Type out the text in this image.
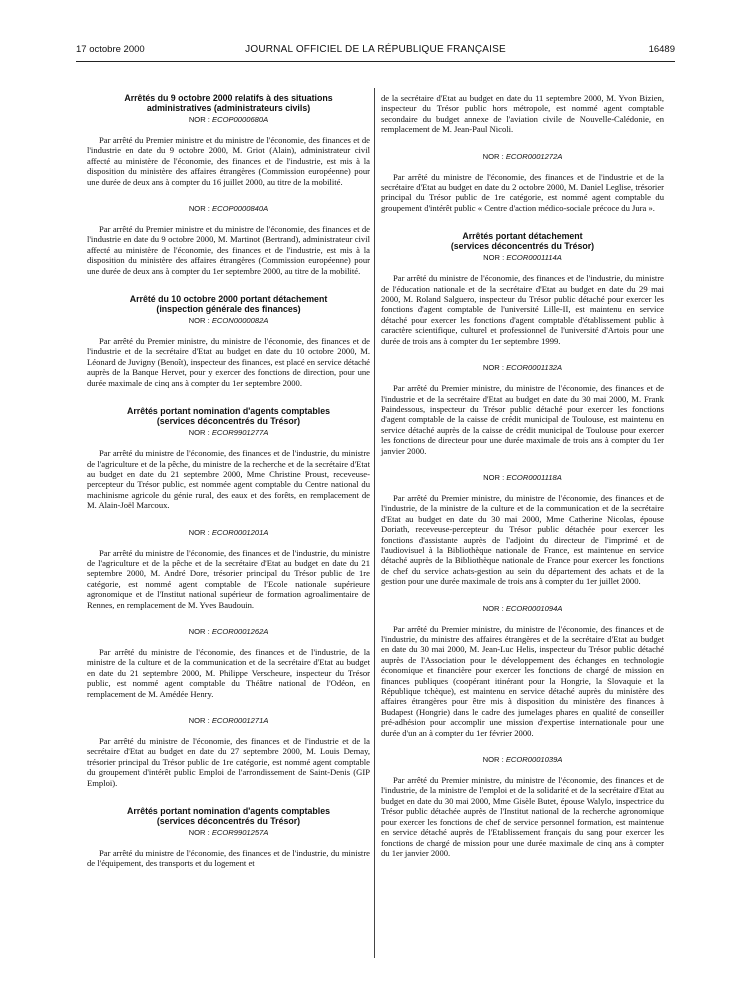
17 octobre 2000	JOURNAL OFFICIEL DE LA RÉPUBLIQUE FRANÇAISE	16489
Arrêtés du 9 octobre 2000 relatifs à des situations
administratives (administrateurs civils)
NOR : ECOP0000680A

Par arrêté du Premier ministre et du ministre de l'économie, des finances et de l'industrie en date du 9 octobre 2000, M. Griot (Alain), administrateur civil affecté au ministère de l'économie, des finances et de l'industrie, est mis à la disposition du ministère des affaires étrangères (Commission européenne) pour une durée de deux ans à compter du 16 juillet 2000, au titre de la mobilité.

NOR : ECOP0000840A

Par arrêté du Premier ministre et du ministre de l'économie, des finances et de l'industrie en date du 9 octobre 2000, M. Martinot (Bertrand), administrateur civil affecté au ministère de l'économie, des finances et de l'industrie, est mis à la disposition du ministère des affaires étrangères (Commission européenne) pour une durée de deux ans à compter du 1er septembre 2000, au titre de la mobilité.

Arrêté du 10 octobre 2000 portant détachement
(inspection générale des finances)
NOR : ECON0000082A

Par arrêté du Premier ministre, du ministre de l'économie, des finances et de l'industrie et de la secrétaire d'Etat au budget en date du 10 octobre 2000, M. Léonard de Juvigny (Benoît), inspecteur des finances, est placé en service détaché auprès de la Banque Hervet, pour y exercer des fonctions de direction, pour une durée maximale de cinq ans à compter du 1er septembre 2000.

Arrêtés portant nomination d'agents comptables
(services déconcentrés du Trésor)
NOR : ECOR9901277A

Par arrêté du ministre de l'économie, des finances et de l'industrie, du ministre de l'agriculture et de la pêche, du ministre de la recherche et de la secrétaire d'Etat au budget en date du 21 septembre 2000, Mme Christine Proust, receveuse-percepteur du Trésor public, est nommée agent comptable du Centre national du machinisme agricole du génie rural, des eaux et des forêts, en remplacement de M. Alain-Joël Marcoux.

NOR : ECOR0001201A

Par arrêté du ministre de l'économie, des finances et de l'industrie, du ministre de l'agriculture et de la pêche et de la secrétaire d'Etat au budget en date du 21 septembre 2000, M. André Dore, trésorier principal du Trésor public de 1re catégorie, est nommé agent comptable de l'Ecole nationale supérieure agronomique et de l'Institut national supérieur de formation agroalimentaire de Rennes, en remplacement de M. Yves Baudouin.

NOR : ECOR0001262A

Par arrêté du ministre de l'économie, des finances et de l'industrie, de la ministre de la culture et de la communication et de la secrétaire d'Etat au budget en date du 21 septembre 2000, M. Philippe Verscheure, inspecteur du Trésor public, est nommé agent comptable du Théâtre national de l'Odéon, en remplacement de M. Amédée Henry.

NOR : ECOR0001271A

Par arrêté du ministre de l'économie, des finances et de l'industrie et de la secrétaire d'Etat au budget en date du 27 septembre 2000, M. Louis Demay, trésorier principal du Trésor public de 1re catégorie, est nommé agent comptable du groupement d'intérêt public Emploi de l'arrondissement de Saint-Denis (GIP Emploi).

Arrêtés portant nomination d'agents comptables
(services déconcentrés du Trésor)
NOR : ECOR9901257A

Par arrêté du ministre de l'économie, des finances et de l'industrie, du ministre de l'équipement, des transports et du logement et

de la secrétaire d'Etat au budget en date du 11 septembre 2000, M. Yvon Bizien, inspecteur du Trésor public hors métropole, est nommé agent comptable secondaire du budget annexe de l'aviation civile de Nouvelle-Calédonie, en remplacement de M. Jean-Paul Nicoli.

NOR : ECOR0001272A

Par arrêté du ministre de l'économie, des finances et de l'industrie et de la secrétaire d'Etat au budget en date du 2 octobre 2000, M. Daniel Leglise, trésorier principal du Trésor public de 1re catégorie, est nommé agent comptable du groupement d'intérêt public « Centre d'action médico-sociale précoce du Jura ».

Arrêtés portant détachement
(services déconcentrés du Trésor)
NOR : ECOR0001114A

Par arrêté du ministre de l'économie, des finances et de l'industrie, du ministre de l'éducation nationale et de la secrétaire d'Etat au budget en date du 29 mai 2000, M. Roland Salguero, inspecteur du Trésor public détaché pour exercer les fonctions d'agent comptable de l'université Lille-II, est maintenu en service détaché pour exercer les fonctions d'agent comptable d'établissement public à caractère scientifique, culturel et professionnel de l'université d'Artois pour une durée de trois ans à compter du 1er septembre 1999.

NOR : ECOR0001132A

Par arrêté du Premier ministre, du ministre de l'économie, des finances et de l'industrie et de la secrétaire d'Etat au budget en date du 30 mai 2000, M. Frank Paindessous, inspecteur du Trésor public détaché pour exercer les fonctions d'agent comptable de la caisse de crédit municipal de Toulouse, est maintenu en service détaché auprès de la caisse de crédit municipal de Toulouse pour exercer les fonctions de directeur pour une durée maximale de trois ans à compter du 1er janvier 2000.

NOR : ECOR0001118A

Par arrêté du Premier ministre, du ministre de l'économie, des finances et de l'industrie, de la ministre de la culture et de la communication et de la secrétaire d'Etat au budget en date du 30 mai 2000, Mme Catherine Nicolas, épouse Doriath, receveuse-percepteur du Trésor public détachée pour exercer les fonctions d'assistante auprès de l'adjoint du directeur de l'imprimé et de l'audiovisuel à la Bibliothèque nationale de France, est maintenue en service détaché auprès de la Bibliothèque nationale de France pour exercer les fonctions de chef du service achats-gestion au sein du département des achats et de la gestion pour une durée maximale de trois ans à compter du 1er juillet 2000.

NOR : ECOR0001094A

Par arrêté du Premier ministre, du ministre de l'économie, des finances et de l'industrie, du ministre des affaires étrangères et de la secrétaire d'Etat au budget en date du 30 mai 2000, M. Jean-Luc Helis, inspecteur du Trésor public détaché auprès de l'Association pour le développement des échanges en technologie économique et financière pour exercer les fonctions de chargé de mission en finances publiques (coopérant itinérant pour la Hongrie, la Slovaquie et la République tchèque), est maintenu en service détaché auprès du ministère des affaires étrangères pour être mis à disposition du ministère des finances à Budapest (Hongrie) dans le cadre des jumelages phares en qualité de conseiller pré-adhésion pour accomplir une mission d'expertise internationale pour une durée d'un an à compter du 1er février 2000.

NOR : ECOR0001039A

Par arrêté du Premier ministre, du ministre de l'économie, des finances et de l'industrie, de la ministre de l'emploi et de la solidarité et de la secrétaire d'Etat au budget en date du 30 mai 2000, Mme Gisèle Butet, épouse Walylo, inspectrice du Trésor public détachée auprès de l'Institut national de la recherche agronomique pour exercer les fonctions de chef de service personnel formation, est maintenue en service détaché auprès de l'Etablissement français du sang pour exercer les fonctions de chargé de mission pour une durée maximale de cinq ans à compter du 1er janvier 2000.
